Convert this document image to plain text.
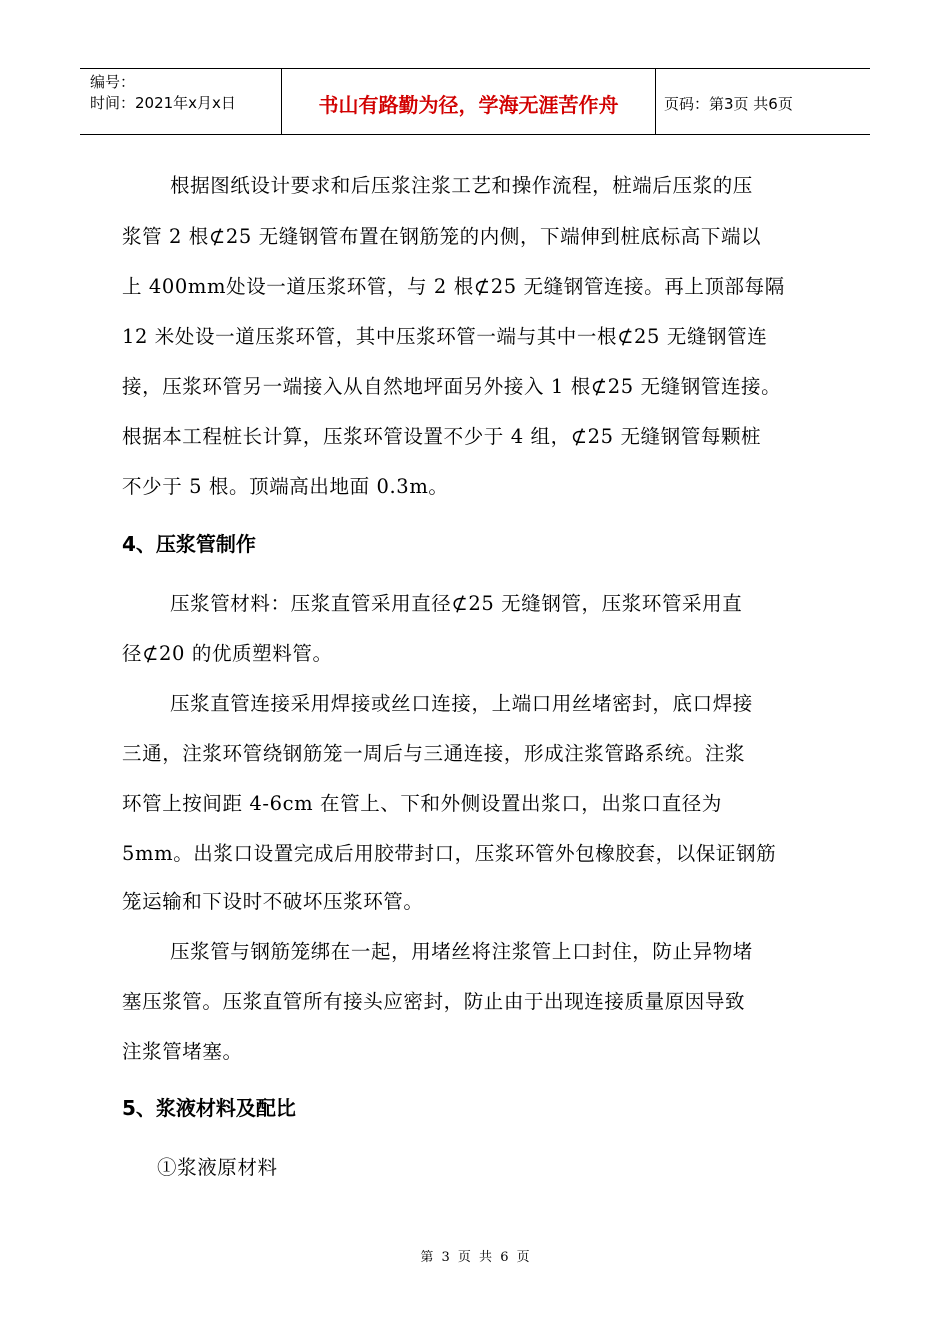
编号：
时间：2021年x月x日	书山有路勤为径，学海无涯苦作舟	页码：第3页 共6页

根据图纸设计要求和后压浆注浆工艺和操作流程，桩端后压浆的压

浆管 2 根⊄25 无缝钢管布置在钢筋笼的内侧，下端伸到桩底标高下端以

上 400mm处设一道压浆环管，与 2 根⊄25 无缝钢管连接。再上顶部每隔

12 米处设一道压浆环管，其中压浆环管一端与其中一根⊄25 无缝钢管连

接，压浆环管另一端接入从自然地坪面另外接入 1 根⊄25 无缝钢管连接。

根据本工程桩长计算，压浆环管设置不少于 4 组，⊄25 无缝钢管每颗桩

不少于 5 根。顶端高出地面 0.3m。

4、压浆管制作

压浆管材料：压浆直管采用直径⊄25 无缝钢管，压浆环管采用直

径⊄20 的优质塑料管。

压浆直管连接采用焊接或丝口连接，上端口用丝堵密封，底口焊接

三通，注浆环管绕钢筋笼一周后与三通连接，形成注浆管路系统。注浆

环管上按间距 4-6cm 在管上、下和外侧设置出浆口，出浆口直径为

5mm。出浆口设置完成后用胶带封口，压浆环管外包橡胶套，以保证钢筋

笼运输和下设时不破坏压浆环管。

压浆管与钢筋笼绑在一起，用堵丝将注浆管上口封住，防止异物堵

塞压浆管。压浆直管所有接头应密封，防止由于出现连接质量原因导致

注浆管堵塞。

5、浆液材料及配比

①浆液原材料

第 3 页 共 6 页
